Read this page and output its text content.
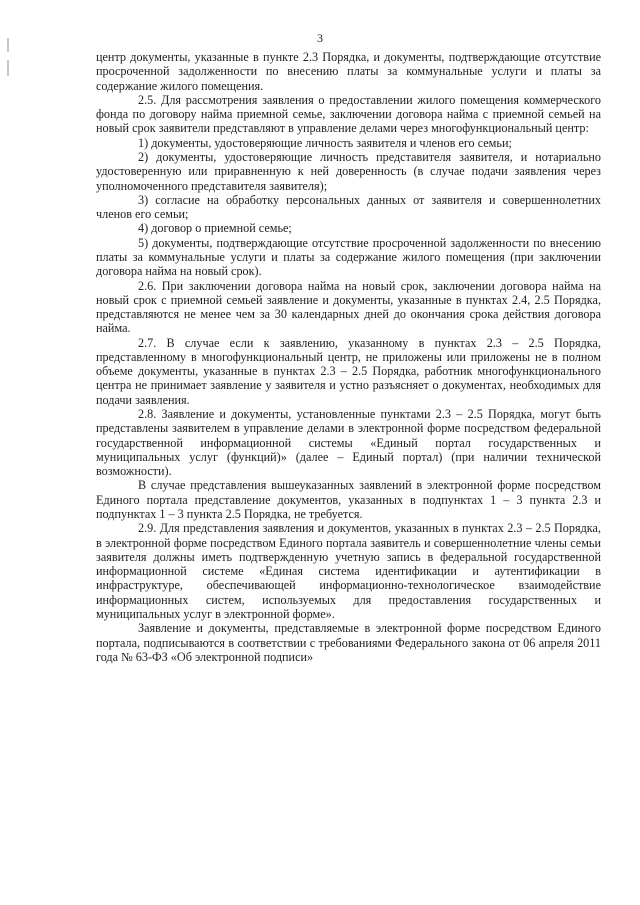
3

центр документы, указанные в пункте 2.3 Порядка, и документы, подтверждающие отсутствие просроченной задолженности по внесению платы за коммунальные услуги и платы за содержание жилого помещения.

2.5. Для рассмотрения заявления о предоставлении жилого помещения коммерческого фонда по договору найма приемной семье, заключении договора найма с приемной семьей на новый срок заявители представляют в управление делами через многофункциональный центр:

1) документы, удостоверяющие личность заявителя и членов его семьи;

2) документы, удостоверяющие личность представителя заявителя, и нотариально удостоверенную или приравненную к ней доверенность (в случае подачи заявления через уполномоченного представителя заявителя);

3) согласие на обработку персональных данных от заявителя и совершеннолетних членов его семьи;

4) договор о приемной семье;

5) документы, подтверждающие отсутствие просроченной задолженности по внесению платы за коммунальные услуги и платы за содержание жилого помещения (при заключении договора найма на новый срок).

2.6. При заключении договора найма на новый срок, заключении договора найма на новый срок с приемной семьей заявление и документы, указанные в пунктах 2.4, 2.5 Порядка, представляются не менее чем за 30 календарных дней до окончания срока действия договора найма.

2.7. В случае если к заявлению, указанному в пунктах 2.3 – 2.5 Порядка, представленному в многофункциональный центр, не приложены или приложены не в полном объеме документы, указанные в пунктах 2.3 – 2.5 Порядка, работник многофункционального центра не принимает заявление у заявителя и устно разъясняет о документах, необходимых для подачи заявления.

2.8. Заявление и документы, установленные пунктами 2.3 – 2.5 Порядка, могут быть представлены заявителем в управление делами в электронной форме посредством федеральной государственной информационной системы «Единый портал государственных и муниципальных услуг (функций)» (далее – Единый портал) (при наличии технической возможности).

В случае представления вышеуказанных заявлений в электронной форме посредством Единого портала представление документов, указанных в подпунктах 1 – 3 пункта 2.3 и подпунктах 1 – 3 пункта 2.5 Порядка, не требуется.

2.9. Для представления заявления и документов, указанных в пунктах 2.3 – 2.5 Порядка, в электронной форме посредством Единого портала заявитель и совершеннолетние члены семьи заявителя должны иметь подтвержденную учетную запись в федеральной государственной информационной системе «Единая система идентификации и аутентификации в инфраструктуре, обеспечивающей информационно-технологическое взаимодействие информационных систем, используемых для предоставления государственных и муниципальных услуг в электронной форме».

Заявление и документы, представляемые в электронной форме посредством Единого портала, подписываются в соответствии с требованиями Федерального закона от 06 апреля 2011 года № 63-ФЗ «Об электронной подписи»
